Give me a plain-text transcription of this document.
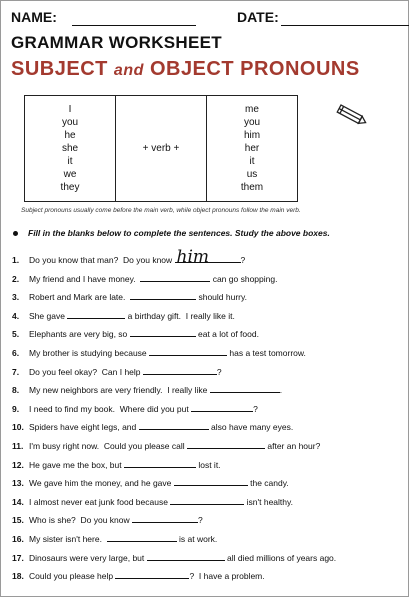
NAME:	DATE:
GRAMMAR WORKSHEET
SUBJECT and OBJECT PRONOUNS
I
you
he
she
it
we
they
+ verb +
me
you
him
her
it
us
them
Subject pronouns usually come before the main verb, while object pronouns follow the main verb.
Fill in the blanks below to complete the sentences. Study the above boxes.
1. Do you know that man?  Do you know him	?
2. My friend and I have money.	can go shopping.
3. Robert and Mark are late.	should hurry.
4. She gave	a birthday gift.  I really like it.
5. Elephants are very big, so	eat a lot of food.
6. My brother is studying because	has a test tomorrow.
7. Do you feel okay?  Can I help	?
8. My new neighbors are very friendly.  I really like	.
9. I need to find my book.  Where did you put	?
10. Spiders have eight legs, and	also have many eyes.
11. I'm busy right now.  Could you please call	after an hour?
12. He gave me the box, but	lost it.
13. We gave him the money, and he gave	the candy.
14. I almost never eat junk food because	isn't healthy.
15. Who is she?  Do you know	?
16. My sister isn't here.	is at work.
17. Dinosaurs were very large, but	all died millions of years ago.
18. Could you please help	?  I have a problem.
